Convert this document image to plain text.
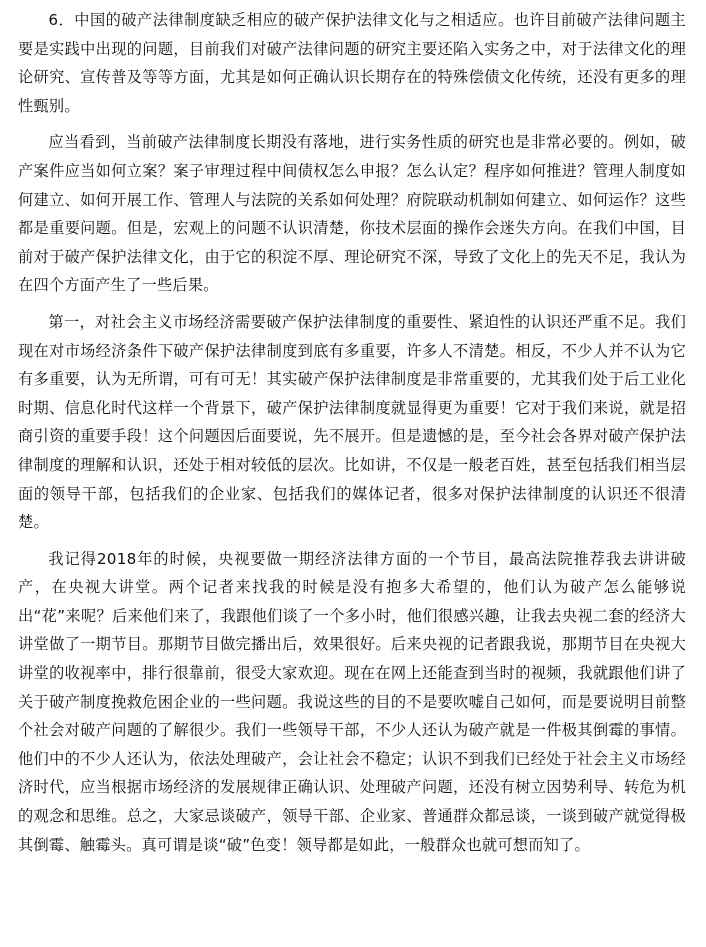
6．中国的破产法律制度缺乏相应的破产保护法律文化与之相适应。也许目前破产法律问题主要是实践中出现的问题，目前我们对破产法律问题的研究主要还陷入实务之中，对于法律文化的理论研究、宣传普及等等方面，尤其是如何正确认识长期存在的特殊偿债文化传统，还没有更多的理性甄别。

应当看到，当前破产法律制度长期没有落地，进行实务性质的研究也是非常必要的。例如，破产案件应当如何立案？案子审理过程中间债权怎么申报？怎么认定？程序如何推进？管理人制度如何建立、如何开展工作、管理人与法院的关系如何处理？府院联动机制如何建立、如何运作？这些都是重要问题。但是，宏观上的问题不认识清楚，你技术层面的操作会迷失方向。在我们中国，目前对于破产保护法律文化，由于它的积淀不厚、理论研究不深，导致了文化上的先天不足，我认为在四个方面产生了一些后果。

第一，对社会主义市场经济需要破产保护法律制度的重要性、紧迫性的认识还严重不足。我们现在对市场经济条件下破产保护法律制度到底有多重要，许多人不清楚。相反，不少人并不认为它有多重要，认为无所谓，可有可无！其实破产保护法律制度是非常重要的，尤其我们处于后工业化时期、信息化时代这样一个背景下，破产保护法律制度就显得更为重要！它对于我们来说，就是招商引资的重要手段！这个问题因后面要说，先不展开。但是遗憾的是，至今社会各界对破产保护法律制度的理解和认识，还处于相对较低的层次。比如讲，不仅是一般老百姓，甚至包括我们相当层面的领导干部，包括我们的企业家、包括我们的媒体记者，很多对保护法律制度的认识还不很清楚。

我记得2018年的时候，央视要做一期经济法律方面的一个节目，最高法院推荐我去讲讲破产，在央视大讲堂。两个记者来找我的时候是没有抱多大希望的，他们认为破产怎么能够说出“花”来呢？后来他们来了，我跟他们谈了一个多小时，他们很感兴趣，让我去央视二套的经济大讲堂做了一期节目。那期节目做完播出后，效果很好。后来央视的记者跟我说，那期节目在央视大讲堂的收视率中，排行很靠前，很受大家欢迎。现在在网上还能查到当时的视频，我就跟他们讲了关于破产制度挽救危困企业的一些问题。我说这些的目的不是要吹嘘自己如何，而是要说明目前整个社会对破产问题的了解很少。我们一些领导干部，不少人还认为破产就是一件极其倒霉的事情。他们中的不少人还认为，依法处理破产，会让社会不稳定；认识不到我们已经处于社会主义市场经济时代，应当根据市场经济的发展规律正确认识、处理破产问题，还没有树立因势利导、转危为机的观念和思维。总之，大家忌谈破产，领导干部、企业家、普通群众都忌谈，一谈到破产就觉得极其倒霉、触霉头。真可谓是谈“破”色变！领导都是如此，一般群众也就可想而知了。
